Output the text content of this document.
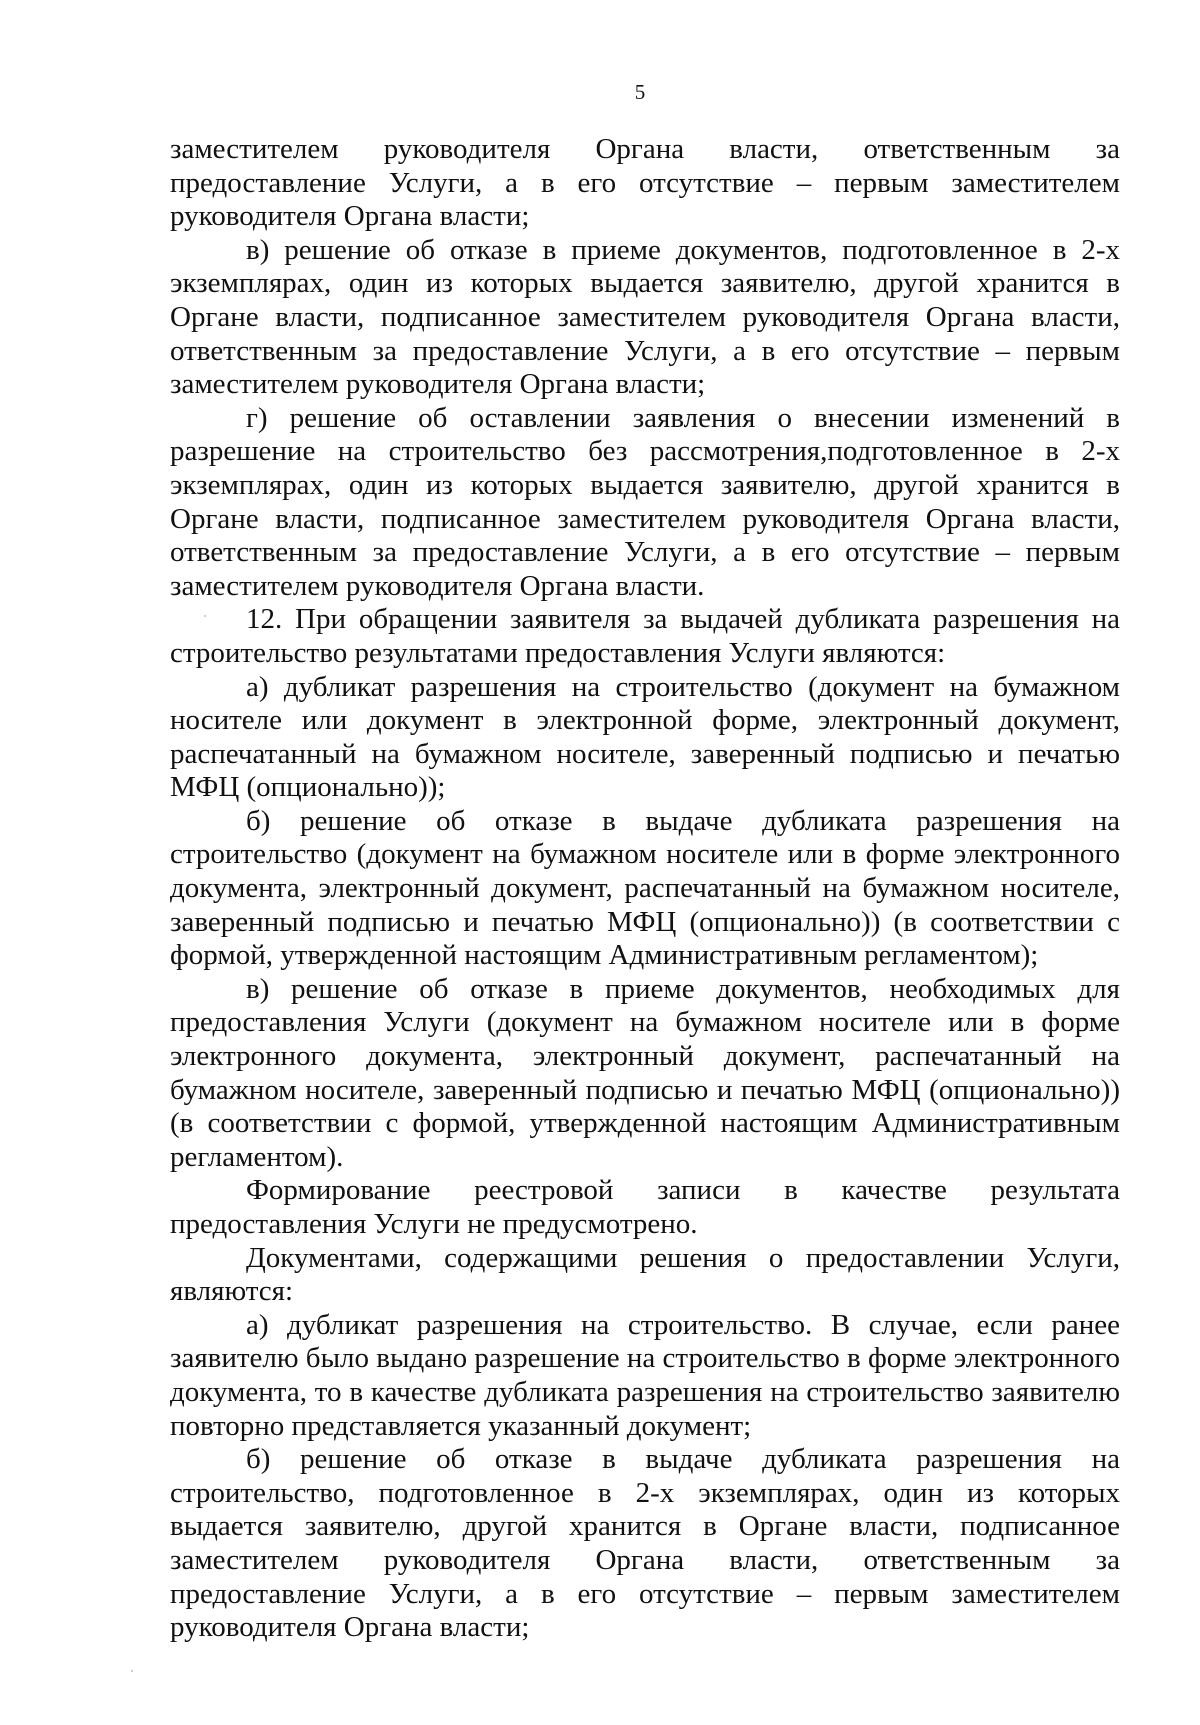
5

заместителем руководителя Органа власти, ответственным за предоставление Услуги, а в его отсутствие – первым заместителем руководителя Органа власти;

в) решение об отказе в приеме документов, подготовленное в 2-х экземплярах, один из которых выдается заявителю, другой хранится в Органе власти, подписанное заместителем руководителя Органа власти, ответственным за предоставление Услуги, а в его отсутствие – первым заместителем руководителя Органа власти;

г) решение об оставлении заявления о внесении изменений в разрешение на строительство без рассмотрения,подготовленное в 2-х экземплярах, один из которых выдается заявителю, другой хранится в Органе власти, подписанное заместителем руководителя Органа власти, ответственным за предоставление Услуги, а в его отсутствие – первым заместителем руководителя Органа власти.

12. При обращении заявителя за выдачей дубликата разрешения на строительство результатами предоставления Услуги являются:

а) дубликат разрешения на строительство (документ на бумажном носителе или документ в электронной форме, электронный документ, распечатанный на бумажном носителе, заверенный подписью и печатью МФЦ (опционально));

б) решение об отказе в выдаче дубликата разрешения на строительство (документ на бумажном носителе или в форме электронного документа, электронный документ, распечатанный на бумажном носителе, заверенный подписью и печатью МФЦ (опционально)) (в соответствии с формой, утвержденной настоящим Административным регламентом);

в) решение об отказе в приеме документов, необходимых для предоставления Услуги (документ на бумажном носителе или в форме электронного документа, электронный документ, распечатанный на бумажном носителе, заверенный подписью и печатью МФЦ (опционально)) (в соответствии с формой, утвержденной настоящим Административным регламентом).

Формирование реестровой записи в качестве результата предоставления Услуги не предусмотрено.

Документами, содержащими решения о предоставлении Услуги, являются:

а) дубликат разрешения на строительство. В случае, если ранее заявителю было выдано разрешение на строительство в форме электронного документа, то в качестве дубликата разрешения на строительство заявителю повторно представляется указанный документ;

б) решение об отказе в выдаче дубликата разрешения на строительство, подготовленное в 2-х экземплярах, один из которых выдается заявителю, другой хранится в Органе власти, подписанное заместителем руководителя Органа власти, ответственным за предоставление Услуги, а в его отсутствие – первым заместителем руководителя Органа власти;
